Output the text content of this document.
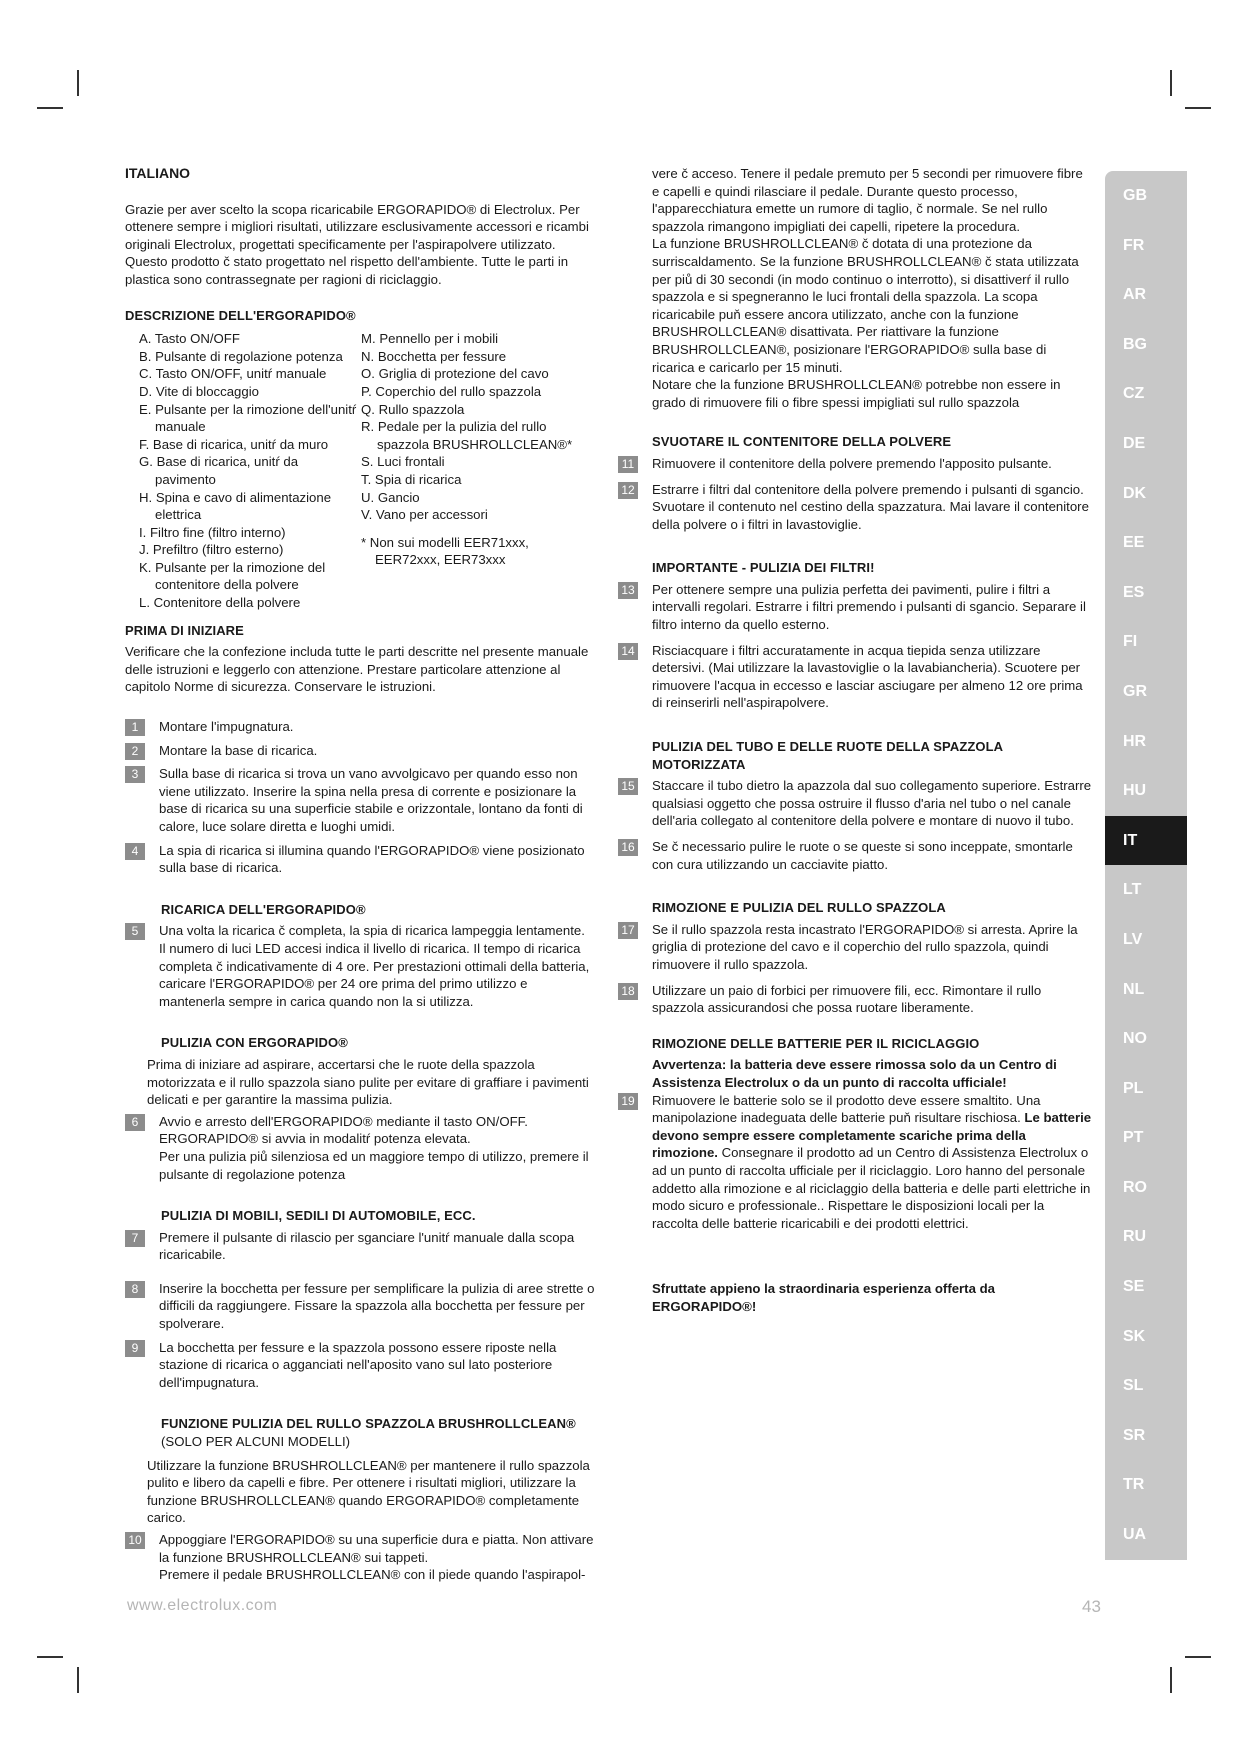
ITALIANO

Grazie per aver scelto la scopa ricaricabile ERGORAPIDO® di Electrolux. Per ottenere sempre i migliori risultati, utilizzare esclusivamente accessori e ricambi originali Electrolux, progettati specificamente per l'aspirapolvere utilizzato. Questo prodotto č stato progettato nel rispetto dell'ambiente. Tutte le parti in plastica sono contrassegnate per ragioni di riciclaggio.

DESCRIZIONE DELL'ERGORAPIDO®
A. Tasto ON/OFF
B. Pulsante di regolazione potenza
C. Tasto ON/OFF, unitŕ manuale
D. Vite di bloccaggio
E. Pulsante per la rimozione dell'unitŕ manuale
F. Base di ricarica, unitŕ da muro
G. Base di ricarica, unitŕ da pavimento
H. Spina e cavo di alimentazione elettrica
I. Filtro fine (filtro interno)
J. Prefiltro (filtro esterno)
K. Pulsante per la rimozione del contenitore della polvere
L. Contenitore della polvere
M. Pennello per i mobili
N. Bocchetta per fessure
O. Griglia di protezione del cavo
P. Coperchio del rullo spazzola
Q. Rullo spazzola
R. Pedale per la pulizia del rullo spazzola BRUSHROLLCLEAN®*
S. Luci frontali
T. Spia di ricarica
U. Gancio
V. Vano per accessori
* Non sui modelli EER71xxx, EER72xxx, EER73xxx
PRIMA DI INIZIARE

Verificare che la confezione includa tutte le parti descritte nel presente manuale delle istruzioni e leggerlo con attenzione. Prestare particolare attenzione al capitolo Norme di sicurezza. Conservare le istruzioni.

1	Montare l'impugnatura.
2	Montare la base di ricarica.
3	Sulla base di ricarica si trova un vano avvolgicavo per quando esso non viene utilizzato. Inserire la spina nella presa di corrente e posizionare la base di ricarica su una superficie stabile e orizzontale, lontano da fonti di calore, luce solare diretta e luoghi umidi.
4	La spia di ricarica si illumina quando l'ERGORAPIDO® viene posizionato sulla base di ricarica.
RICARICA DELL'ERGORAPIDO®
5	Una volta la ricarica č completa, la spia di ricarica lampeggia lentamente. Il numero di luci LED accesi indica il livello di ricarica. Il tempo di ricarica completa č indicativamente di 4 ore. Per prestazioni ottimali della batteria, caricare l'ERGORAPIDO® per 24 ore prima del primo utilizzo e mantenerla sempre in carica quando non la si utilizza.
PULIZIA CON ERGORAPIDO®
Prima di iniziare ad aspirare, accertarsi che le ruote della spazzola motorizzata e il rullo spazzola siano pulite per evitare di graffiare i pavimenti delicati e per garantire la massima pulizia.
6	Avvio e arresto dell'ERGORAPIDO® mediante il tasto ON/OFF.
ERGORAPIDO® si avvia in modalitŕ potenza elevata.
Per una pulizia piů silenziosa ed un maggiore tempo di utilizzo, premere il pulsante di regolazione potenza
PULIZIA DI MOBILI, SEDILI DI AUTOMOBILE, ECC.
7	Premere il pulsante di rilascio per sganciare l'unitŕ manuale dalla scopa ricaricabile.
8	Inserire la bocchetta per fessure per semplificare la pulizia di aree strette o difficili da raggiungere. Fissare la spazzola alla bocchetta per fessure per spolverare.
9	La bocchetta per fessure e la spazzola possono essere riposte nella stazione di ricarica o agganciati nell'aposito vano sul lato posteriore dell'impugnatura.
FUNZIONE PULIZIA DEL RULLO SPAZZOLA BRUSHROLLCLEAN®
(SOLO PER ALCUNI MODELLI)
Utilizzare la funzione BRUSHROLLCLEAN® per mantenere il rullo spazzola pulito e libero da capelli e fibre. Per ottenere i risultati migliori, utilizzare la funzione BRUSHROLLCLEAN® quando ERGORAPIDO® completamente carico.
10 Appoggiare l'ERGORAPIDO® su una superficie dura e piatta. Non attivare la funzione BRUSHROLLCLEAN® sui tappeti.
Premere il pedale BRUSHROLLCLEAN® con il piede quando l'aspirapol-

vere č acceso. Tenere il pedale premuto per 5 secondi per rimuovere fibre e capelli e quindi rilasciare il pedale. Durante questo processo, l'apparecchiatura emette un rumore di taglio, č normale. Se nel rullo spazzola rimangono impigliati dei capelli, ripetere la procedura.

La funzione BRUSHROLLCLEAN® č dotata di una protezione da surriscaldamento. Se la funzione BRUSHROLLCLEAN® č stata utilizzata per piů di 30 secondi (in modo continuo o interrotto), si disattiverŕ il rullo spazzola e si spegneranno le luci frontali della spazzola. La scopa ricaricabile puň essere ancora utilizzato, anche con la funzione BRUSHROLLCLEAN® disattivata. Per riattivare la funzione BRUSHROLLCLEAN®, posizionare l'ERGORAPIDO® sulla base di ricarica e caricarlo per 15 minuti.

Notare che la funzione BRUSHROLLCLEAN® potrebbe non essere in grado di rimuovere fili o fibre spessi impigliati sul rullo spazzola

SVUOTARE IL CONTENITORE DELLA POLVERE
11 Rimuovere il contenitore della polvere premendo l'apposito pulsante.
12 Estrarre i filtri dal contenitore della polvere premendo i pulsanti di sgancio. Svuotare il contenuto nel cestino della spazzatura. Mai lavare il contenitore della polvere o i filtri in lavastoviglie.
IMPORTANTE - PULIZIA DEI FILTRI!
13 Per ottenere sempre una pulizia perfetta dei pavimenti, pulire i filtri a intervalli regolari. Estrarre i filtri premendo i pulsanti di sgancio. Separare il filtro interno da quello esterno.
14 Risciacquare i filtri accuratamente in acqua tiepida senza utilizzare detersivi. (Mai utilizzare la lavastoviglie o la lavabiancheria). Scuotere per rimuovere l'acqua in eccesso e lasciar asciugare per almeno 12 ore prima di reinserirli nell'aspirapolvere.
PULIZIA DEL TUBO E DELLE RUOTE DELLA SPAZZOLA MOTORIZZATA
15 Staccare il tubo dietro la apazzola dal suo collegamento superiore. Estrarre qualsiasi oggetto che possa ostruire il flusso d'aria nel tubo o nel canale dell'aria collegato al contenitore della polvere e montare di nuovo il tubo.
16 Se č necessario pulire le ruote o se queste si sono inceppate, smontarle con cura utilizzando un cacciavite piatto.
RIMOZIONE E PULIZIA DEL RULLO SPAZZOLA
17 Se il rullo spazzola resta incastrato l'ERGORAPIDO® si arresta. Aprire la griglia di protezione del cavo e il coperchio del rullo spazzola, quindi rimuovere il rullo spazzola.
18 Utilizzare un paio di forbici per rimuovere fili, ecc. Rimontare il rullo spazzola assicurandosi che possa ruotare liberamente.
RIMOZIONE DELLE BATTERIE PER IL RICICLAGGIO
Avvertenza: la batteria deve essere rimossa solo da un Centro di Assistenza Electrolux o da un punto di raccolta ufficiale!
19 Rimuovere le batterie solo se il prodotto deve essere smaltito. Una manipolazione inadeguata delle batterie puň risultare rischiosa. Le batterie devono sempre essere completamente scariche prima della rimozione. Consegnare il prodotto ad un Centro di Assistenza Electrolux o ad un punto di raccolta ufficiale per il riciclaggio. Loro hanno del personale addetto alla rimozione e al riciclaggio della batteria e delle parti elettriche in modo sicuro e professionale.. Rispettare le disposizioni locali per la raccolta delle batterie ricaricabili e dei prodotti elettrici.
Sfruttate appieno la straordinaria esperienza offerta da ERGORAPIDO®!
GB
FR
AR
BG
CZ
DE
DK
EE
ES
FI
GR
HR
HU
IT
LT
LV
NL
NO
PL
PT
RO
RU
SE
SK
SL
SR
TR
UA
www.electrolux.com	43
